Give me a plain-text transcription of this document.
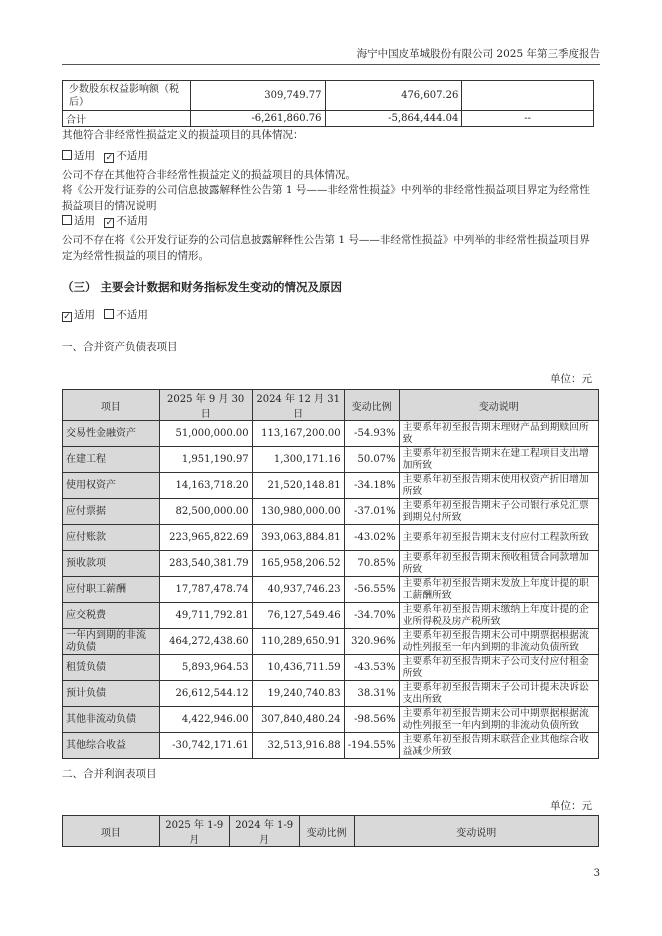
海宁中国皮革城股份有限公司 2025 年第三季度报告
少数股东权益影响额（税后）	309,749.77	476,607.26	
合计	-6,261,860.76	-5,864,444.04	--

其他符合非经常性损益定义的损益项目的具体情况：

适用 ✓ 不适用

公司不存在其他符合非经常性损益定义的损益项目的具体情况。

将《公开发行证券的公司信息披露解释性公告第 1 号——非经常性损益》中列举的非经常性损益项目界定为经常性损益项目的情况说明

适用 ✓ 不适用

公司不存在将《公开发行证券的公司信息披露解释性公告第 1 号——非经常性损益》中列举的非经常性损益项目界定为经常性损益的项目的情形。

（三） 主要会计数据和财务指标发生变动的情况及原因
✓ 适用 不适用

一、合并资产负债表项目

单位：元
项目	2025 年 9 月 30 日	2024 年 12 月 31 日	变动比例	变动说明
交易性金融资产	51,000,000.00	113,167,200.00	-54.93%	主要系年初至报告期末理财产品到期赎回所致
在建工程	1,951,190.97	1,300,171.16	50.07%	主要系年初至报告期末在建工程项目支出增加所致
使用权资产	14,163,718.20	21,520,148.81	-34.18%	主要系年初至报告期末使用权资产折旧增加所致
应付票据	82,500,000.00	130,980,000.00	-37.01%	主要系年初至报告期末子公司银行承兑汇票到期兑付所致
应付账款	223,965,822.69	393,063,884.81	-43.02%	主要系年初至报告期末支付应付工程款所致
预收款项	283,540,381.79	165,958,206.52	70.85%	主要系年初至报告期末预收租赁合同款增加所致
应付职工薪酬	17,787,478.74	40,937,746.23	-56.55%	主要系年初至报告期末发放上年度计提的职工薪酬所致
应交税费	49,711,792.81	76,127,549.46	-34.70%	主要系年初至报告期末缴纳上年度计提的企业所得税及房产税所致
一年内到期的非流动负债	464,272,438.60	110,289,650.91	320.96%	主要系年初至报告期末公司中期票据根据流动性列报至一年内到期的非流动负债所致
租赁负债	5,893,964.53	10,436,711.59	-43.53%	主要系年初至报告期末子公司支付应付租金所致
预计负债	26,612,544.12	19,240,740.83	38.31%	主要系年初至报告期末子公司计提未决诉讼支出所致
其他非流动负债	4,422,946.00	307,840,480.24	-98.56%	主要系年初至报告期末公司中期票据根据流动性列报至一年内到期的非流动负债所致
其他综合收益	-30,742,171.61	32,513,916.88	-194.55%	主要系年初至报告期末联营企业其他综合收益减少所致

二、合并利润表项目

单位：元
项目	2025 年 1-9 月	2024 年 1-9 月	变动比例	变动说明
3
